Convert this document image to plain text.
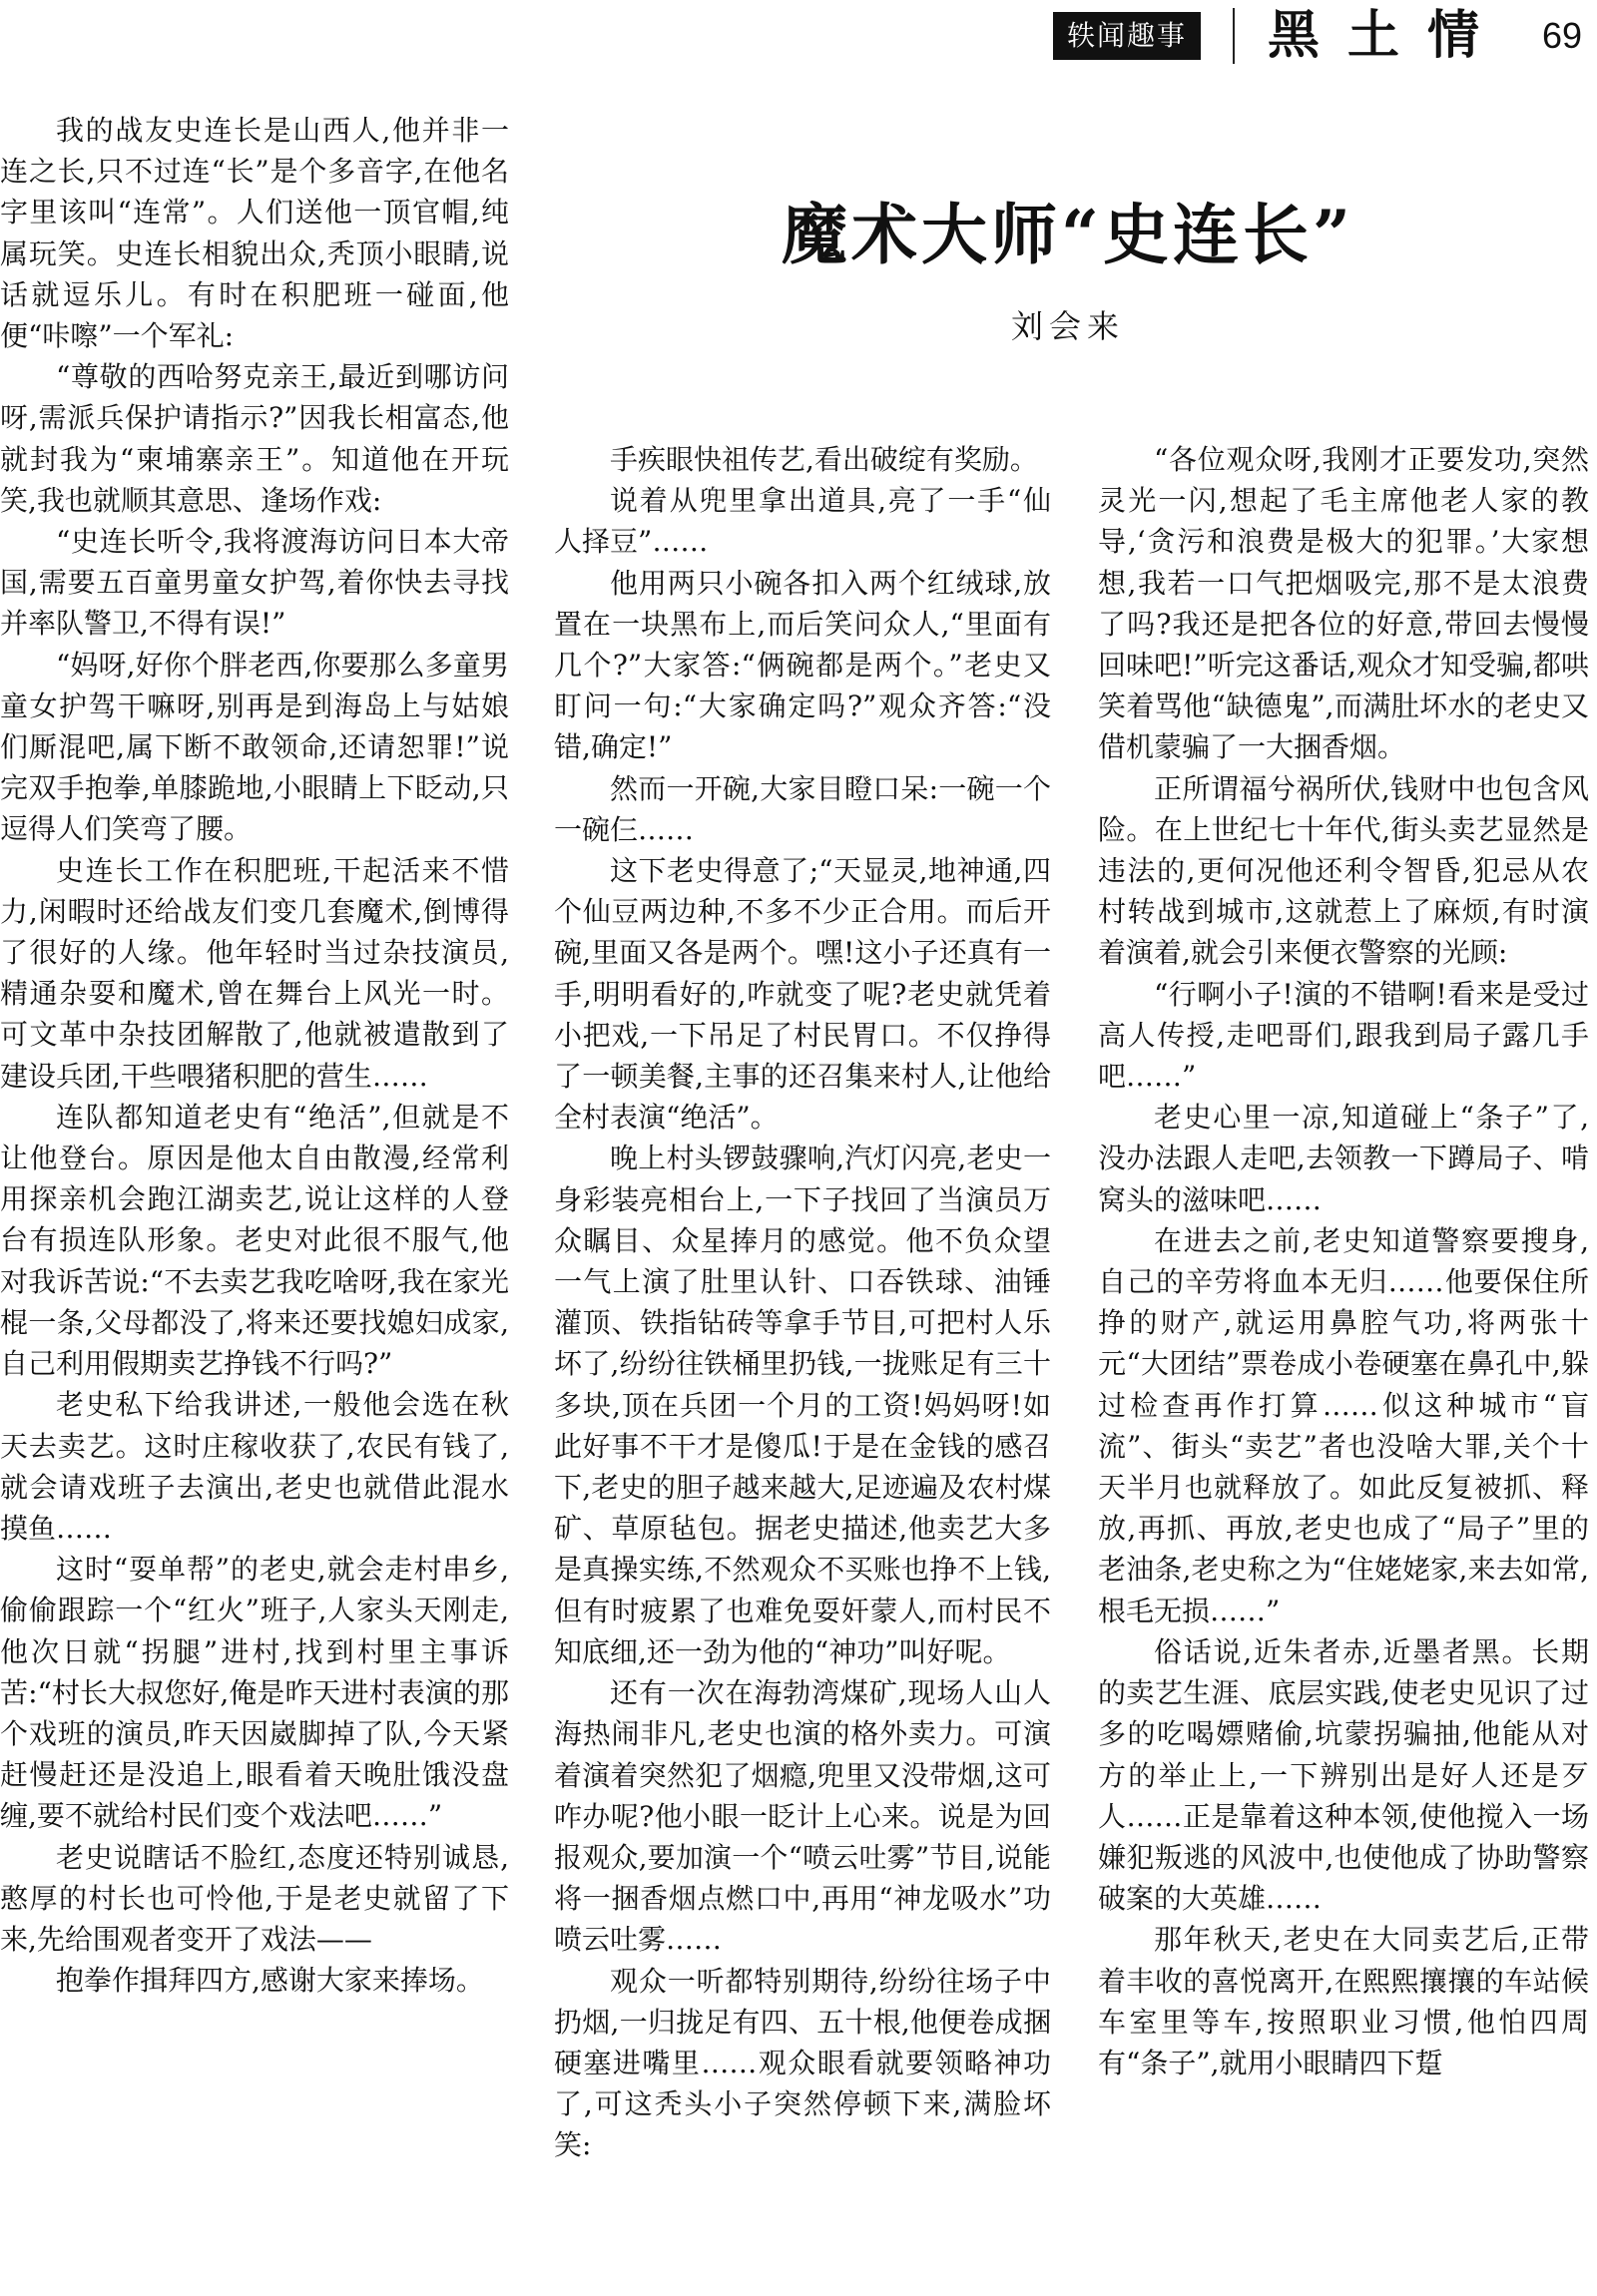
轶闻趣事 黑土情 69
魔术大师“史连长”
刘会来

我的战友史连长是山西人,他并非一连之长,只不过连“长”是个多音字,在他名字里该叫“连常”。人们送他一顶官帽,纯属玩笑。史连长相貌出众,秃顶小眼睛,说话就逗乐儿。有时在积肥班一碰面,他便“咔嚓”一个军礼:

“尊敬的西哈努克亲王,最近到哪访问呀,需派兵保护请指示?”因我长相富态,他就封我为“柬埔寨亲王”。知道他在开玩笑,我也就顺其意思、逢场作戏:

“史连长听令,我将渡海访问日本大帝国,需要五百童男童女护驾,着你快去寻找并率队警卫,不得有误!”

“妈呀,好你个胖老西,你要那么多童男童女护驾干嘛呀,别再是到海岛上与姑娘们厮混吧,属下断不敢领命,还请恕罪!”说完双手抱拳,单膝跪地,小眼睛上下眨动,只逗得人们笑弯了腰。

史连长工作在积肥班,干起活来不惜力,闲暇时还给战友们变几套魔术,倒博得了很好的人缘。他年轻时当过杂技演员,精通杂耍和魔术,曾在舞台上风光一时。可文革中杂技团解散了,他就被遣散到了建设兵团,干些喂猪积肥的营生……

连队都知道老史有“绝活”,但就是不让他登台。原因是他太自由散漫,经常利用探亲机会跑江湖卖艺,说让这样的人登台有损连队形象。老史对此很不服气,他对我诉苦说:“不去卖艺我吃啥呀,我在家光棍一条,父母都没了,将来还要找媳妇成家,自己利用假期卖艺挣钱不行吗?”

老史私下给我讲述,一般他会选在秋天去卖艺。这时庄稼收获了,农民有钱了,就会请戏班子去演出,老史也就借此混水摸鱼……

这时“耍单帮”的老史,就会走村串乡,偷偷跟踪一个“红火”班子,人家头天刚走,他次日就“拐腿”进村,找到村里主事诉苦:“村长大叔您好,俺是昨天进村表演的那个戏班的演员,昨天因崴脚掉了队,今天紧赶慢赶还是没追上,眼看着天晚肚饿没盘缠,要不就给村民们变个戏法吧……”

老史说瞎话不脸红,态度还特别诚恳,憨厚的村长也可怜他,于是老史就留了下来,先给围观者变开了戏法——

抱拳作揖拜四方,感谢大家来捧场。

手疾眼快祖传艺,看出破绽有奖励。

说着从兜里拿出道具,亮了一手“仙人择豆”……

他用两只小碗各扣入两个红绒球,放置在一块黑布上,而后笑问众人,“里面有几个?”大家答:“俩碗都是两个。”老史又盯问一句:“大家确定吗?”观众齐答:“没错,确定!”

然而一开碗,大家目瞪口呆:一碗一个一碗仨……

这下老史得意了;“天显灵,地神通,四个仙豆两边种,不多不少正合用。而后开碗,里面又各是两个。嘿!这小子还真有一手,明明看好的,咋就变了呢?老史就凭着小把戏,一下吊足了村民胃口。不仅挣得了一顿美餐,主事的还召集来村人,让他给全村表演“绝活”。

晚上村头锣鼓骤响,汽灯闪亮,老史一身彩装亮相台上,一下子找回了当演员万众瞩目、众星捧月的感觉。他不负众望一气上演了肚里认针、口吞铁球、油锤灌顶、铁指钻砖等拿手节目,可把村人乐坏了,纷纷往铁桶里扔钱,一拢账足有三十多块,顶在兵团一个月的工资!妈妈呀!如此好事不干才是傻瓜!于是在金钱的感召下,老史的胆子越来越大,足迹遍及农村煤矿、草原毡包。据老史描述,他卖艺大多是真操实练,不然观众不买账也挣不上钱,但有时疲累了也难免耍奸蒙人,而村民不知底细,还一劲为他的“神功”叫好呢。

还有一次在海勃湾煤矿,现场人山人海热闹非凡,老史也演的格外卖力。可演着演着突然犯了烟瘾,兜里又没带烟,这可咋办呢?他小眼一眨计上心来。说是为回报观众,要加演一个“喷云吐雾”节目,说能将一捆香烟点燃口中,再用“神龙吸水”功喷云吐雾……

观众一听都特别期待,纷纷往场子中扔烟,一归拢足有四、五十根,他便卷成捆硬塞进嘴里……观众眼看就要领略神功了,可这秃头小子突然停顿下来,满脸坏笑:

“各位观众呀,我刚才正要发功,突然灵光一闪,想起了毛主席他老人家的教导,‘贪污和浪费是极大的犯罪。’大家想想,我若一口气把烟吸完,那不是太浪费了吗?我还是把各位的好意,带回去慢慢回味吧!”听完这番话,观众才知受骗,都哄笑着骂他“缺德鬼”,而满肚坏水的老史又借机蒙骗了一大捆香烟。

正所谓福兮祸所伏,钱财中也包含风险。在上世纪七十年代,街头卖艺显然是违法的,更何况他还利令智昏,犯忌从农村转战到城市,这就惹上了麻烦,有时演着演着,就会引来便衣警察的光顾:

“行啊小子!演的不错啊!看来是受过高人传授,走吧哥们,跟我到局子露几手吧……”

老史心里一凉,知道碰上“条子”了,没办法跟人走吧,去领教一下蹲局子、啃窝头的滋味吧……

在进去之前,老史知道警察要搜身,自己的辛劳将血本无归……他要保住所挣的财产,就运用鼻腔气功,将两张十元“大团结”票卷成小卷硬塞在鼻孔中,躲过检查再作打算……似这种城市“盲流”、街头“卖艺”者也没啥大罪,关个十天半月也就释放了。如此反复被抓、释放,再抓、再放,老史也成了“局子”里的老油条,老史称之为“住姥姥家,来去如常,根毛无损……”

俗话说,近朱者赤,近墨者黑。长期的卖艺生涯、底层实践,使老史见识了过多的吃喝嫖赌偷,坑蒙拐骗抽,他能从对方的举止上,一下辨别出是好人还是歹人……正是靠着这种本领,使他搅入一场嫌犯叛逃的风波中,也使他成了协助警察破案的大英雄……

那年秋天,老史在大同卖艺后,正带着丰收的喜悦离开,在熙熙攘攘的车站候车室里等车,按照职业习惯,他怕四周有“条子”,就用小眼睛四下踅
